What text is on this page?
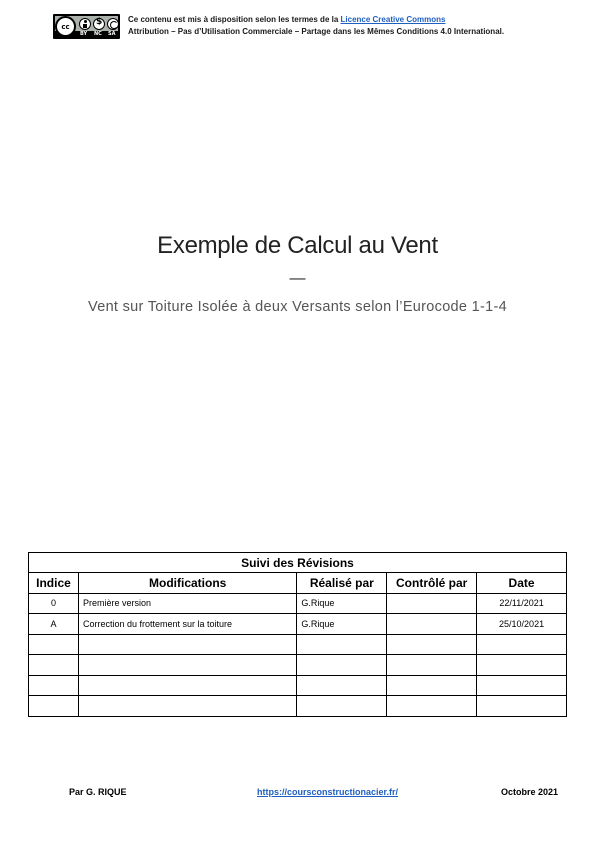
cc
$
BY NC SA
Ce contenu est mis à disposition selon les termes de la Licence Creative Commons
Attribution – Pas d’Utilisation Commerciale – Partage dans les Mêmes Conditions 4.0 International.
Exemple de Calcul au Vent
—
Vent sur Toiture Isolée à deux Versants selon l’Eurocode 1-1-4
Suivi des Révisions				
Indice	Modifications	Réalisé par	Contrôlé par	Date
0	Première version	G.Rique		22/11/2021
A	Correction du frottement sur la toiture	G.Rique		25/10/2021

Par G. RIQUE	https://coursconstructionacier.fr/	Octobre 2021
